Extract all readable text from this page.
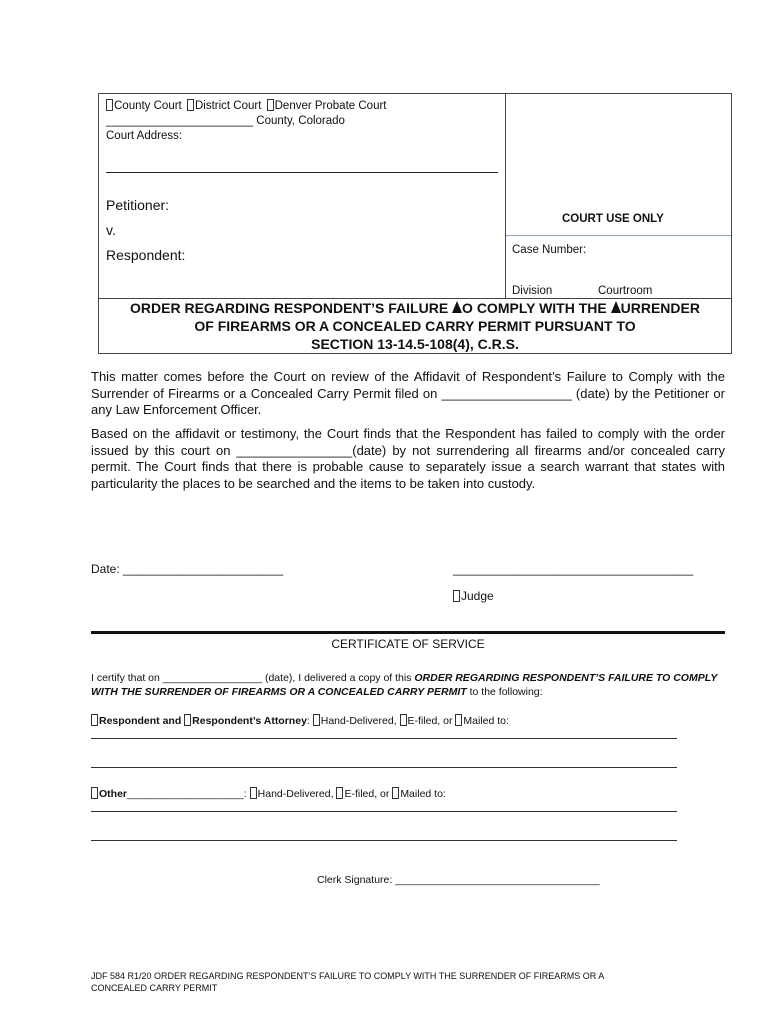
County Court District Court Denver Probate Court
_______________________ County, Colorado
Court Address:
Petitioner:
v.
Respondent:
COURT USE ONLY
Case Number:
Division	Courtroom
ORDER REGARDING RESPONDENT’S FAILURE O COMPLY WITH THE URRENDER
OF FIREARMS OR A CONCEALED CARRY PERMIT PURSUANT TO
SECTION 13-14.5-108(4), C.R.S.
This matter comes before the Court on review of the Affidavit of Respondent’s Failure to Comply with the Surrender of Firearms or a Concealed Carry Permit filed on __________________ (date) by the Petitioner or any Law Enforcement Officer.
Based on the affidavit or testimony, the Court finds that the Respondent has failed to comply with the order issued by this court on ________________(date) by not surrendering all firearms and/or concealed carry permit. The Court finds that there is probable cause to separately issue a search warrant that states with particularity the places to be searched and the items to be taken into custody.
Date: ________________________	____________________________________
Judge
CERTIFICATE OF SERVICE
I certify that on _________________ (date), I delivered a copy of this ORDER REGARDING RESPONDENT’S FAILURE TO COMPLY WITH THE SURRENDER OF FIREARMS OR A CONCEALED CARRY PERMIT to the following:
Respondent and Respondent’s Attorney: Hand-Delivered, E-filed, or Mailed to:
Other____________________: Hand-Delivered, E-filed, or Mailed to:
Clerk Signature: ___________________________________
JDF 584 R1/20 ORDER REGARDING RESPONDENT’S FAILURE TO COMPLY WITH THE SURRENDER OF FIREARMS OR A
CONCEALED CARRY PERMIT
